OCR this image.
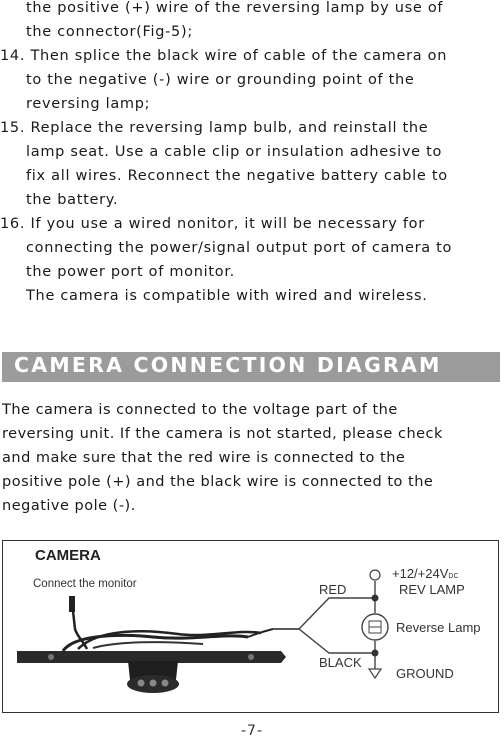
the positive (+) wire of the reversing lamp by use of
the connector(Fig-5);
14. Then splice the black wire of cable of the camera on
to the negative (-) wire or grounding point of the
reversing lamp;
15. Replace the reversing lamp bulb, and reinstall the
lamp seat. Use a cable clip or insulation adhesive to
fix all wires. Reconnect the negative battery cable to
the battery.
16. If you use a wired nonitor, it will be necessary for
connecting the power/signal output port of camera to
the power port of monitor.
The camera is compatible with wired and wireless.
CAMERA CONNECTION DIAGRAM
The camera is connected to the voltage part of the
reversing unit. If the camera is not started, please check
and make sure that the red wire is connected to the
positive pole (+) and the black wire is connected to the
negative pole (-).
CAMERA
Connect the monitor	RED
BLACK
+12/+24VDC
REV LAMP
Reverse Lamp
GROUND
-7-
